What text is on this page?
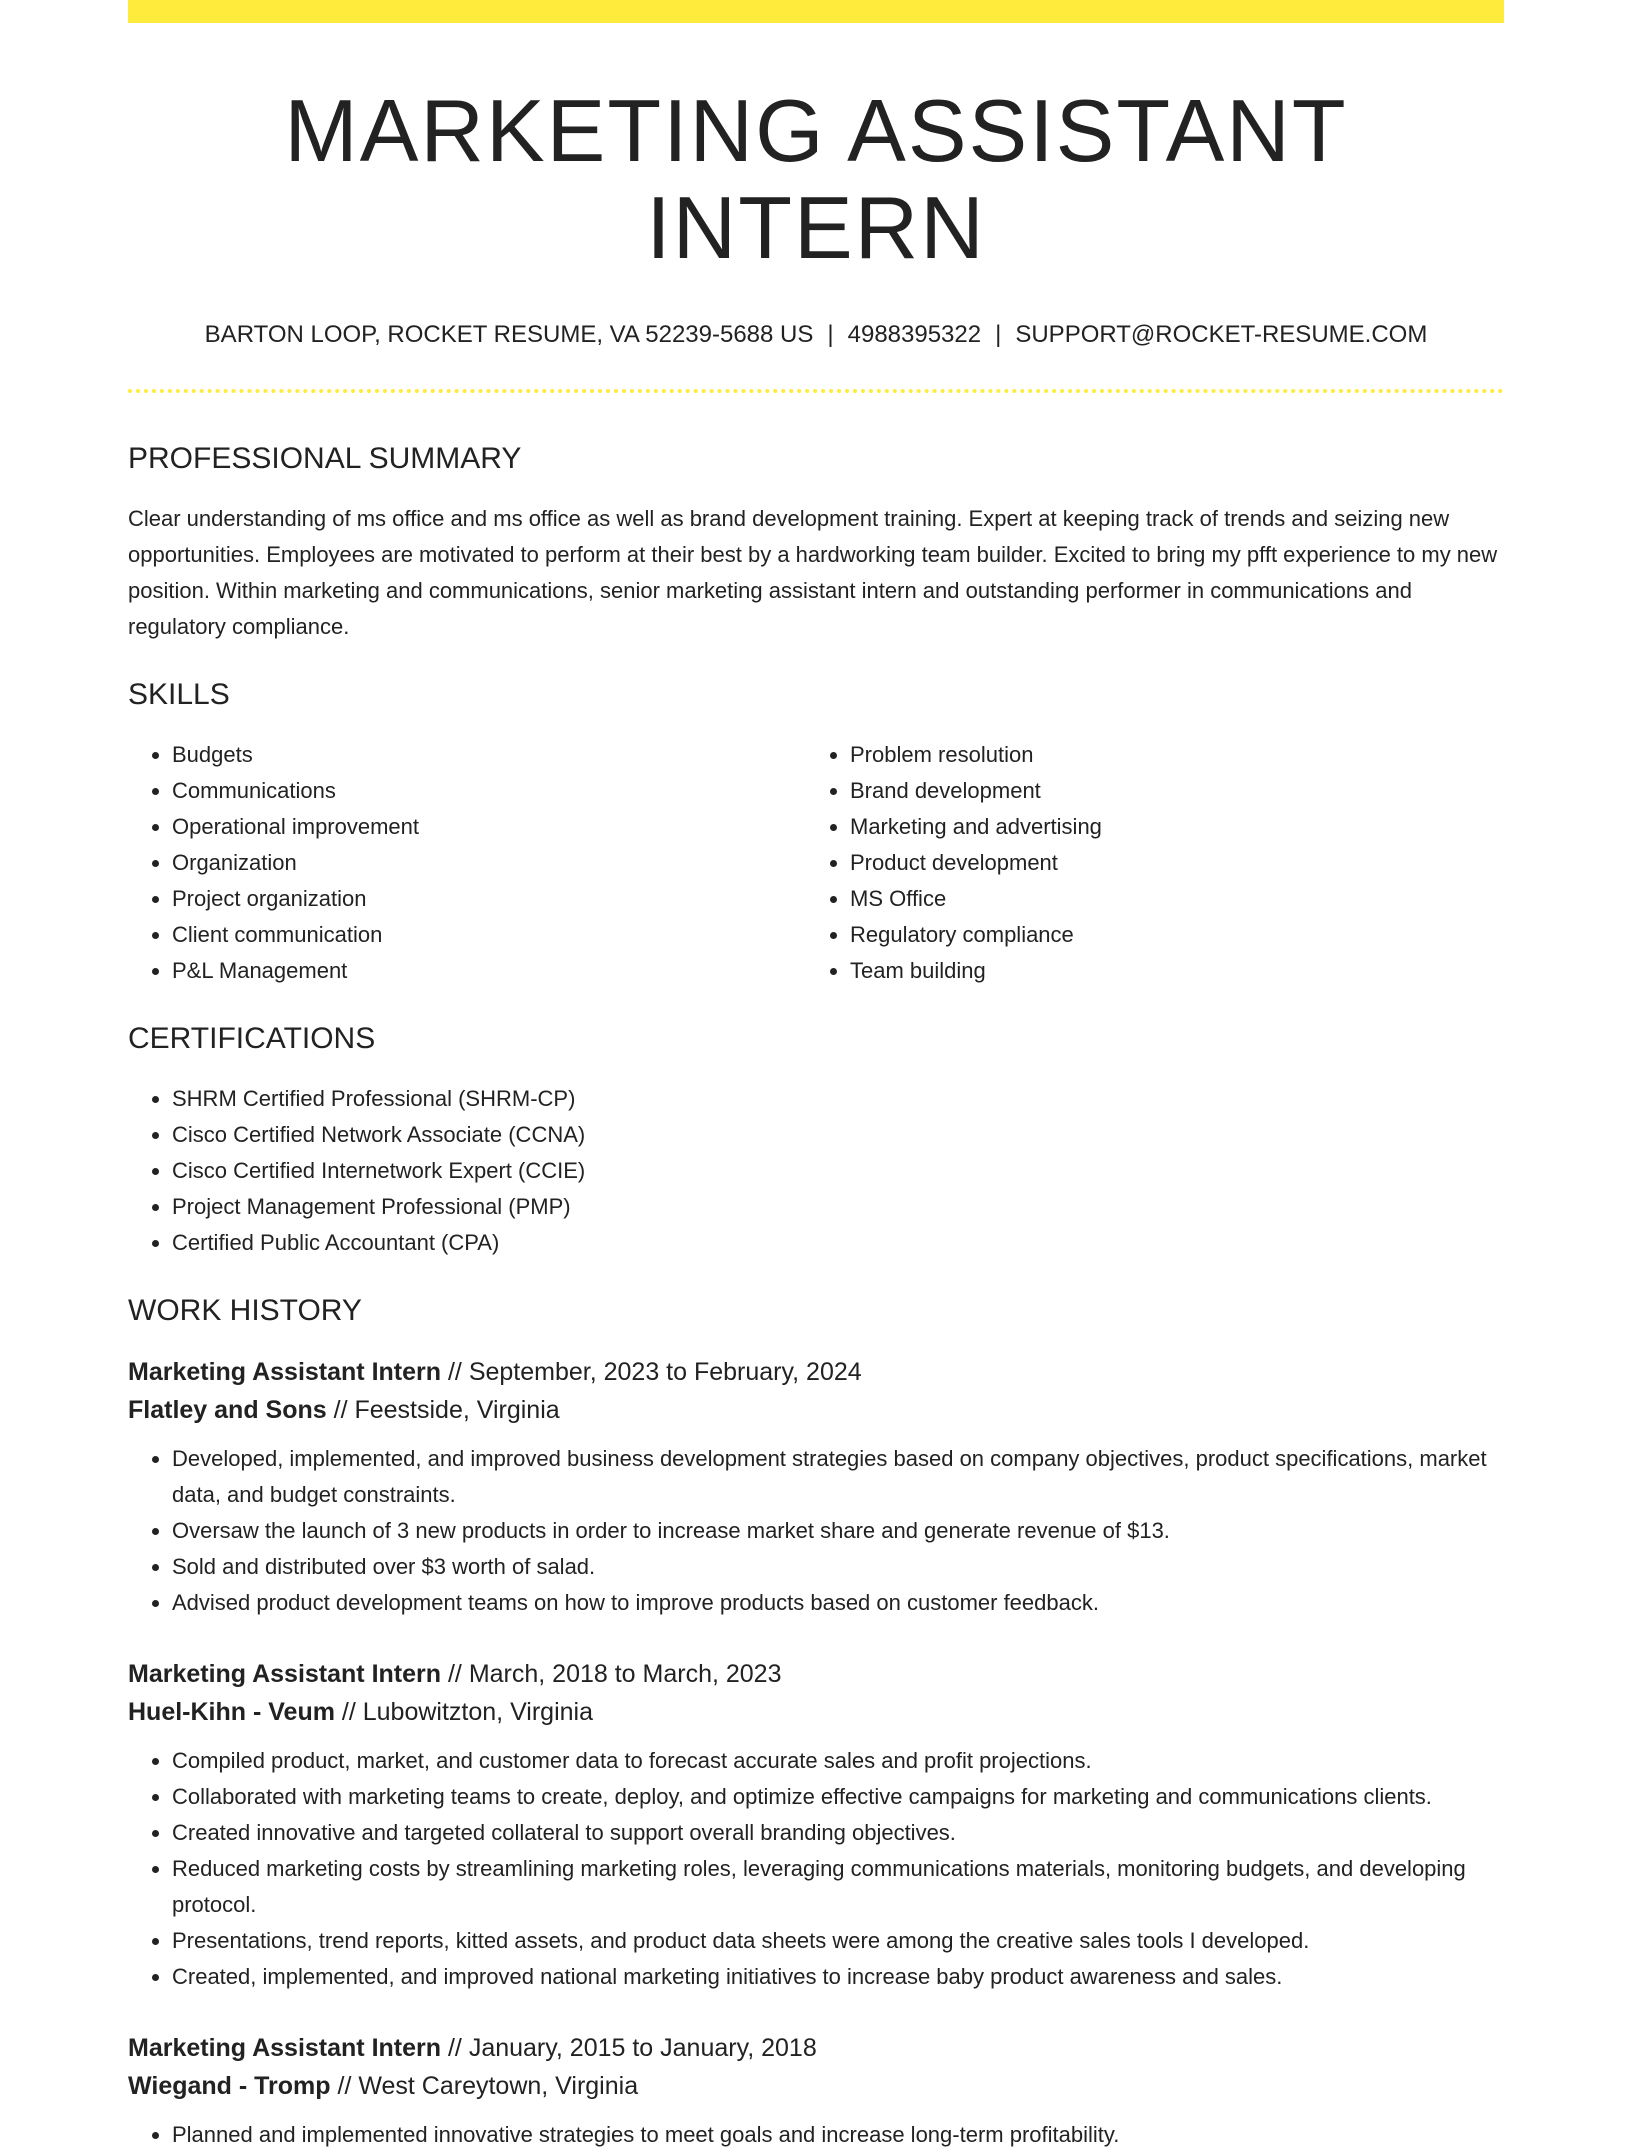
MARKETING ASSISTANT INTERN
BARTON LOOP, ROCKET RESUME, VA 52239-5688 US | 4988395322 | SUPPORT@ROCKET-RESUME.COM
PROFESSIONAL SUMMARY

Clear understanding of ms office and ms office as well as brand development training. Expert at keeping track of trends and seizing new opportunities. Employees are motivated to perform at their best by a hardworking team builder. Excited to bring my pfft experience to my new position. Within marketing and communications, senior marketing assistant intern and outstanding performer in communications and regulatory compliance.

SKILLS
• Budgets
• Communications
• Operational improvement
• Organization
• Project organization
• Client communication
• P&L Management
• Problem resolution
• Brand development
• Marketing and advertising
• Product development
• MS Office
• Regulatory compliance
• Team building
CERTIFICATIONS
• SHRM Certified Professional (SHRM-CP)
• Cisco Certified Network Associate (CCNA)
• Cisco Certified Internetwork Expert (CCIE)
• Project Management Professional (PMP)
• Certified Public Accountant (CPA)
WORK HISTORY
Marketing Assistant Intern // September, 2023 to February, 2024
Flatley and Sons // Feestside, Virginia
• Developed, implemented, and improved business development strategies based on company objectives, product specifications, market data, and budget constraints.
• Oversaw the launch of 3 new products in order to increase market share and generate revenue of $13.
• Sold and distributed over $3 worth of salad.
• Advised product development teams on how to improve products based on customer feedback.
Marketing Assistant Intern // March, 2018 to March, 2023
Huel-Kihn - Veum // Lubowitzton, Virginia
• Compiled product, market, and customer data to forecast accurate sales and profit projections.
• Collaborated with marketing teams to create, deploy, and optimize effective campaigns for marketing and communications clients.
• Created innovative and targeted collateral to support overall branding objectives.
• Reduced marketing costs by streamlining marketing roles, leveraging communications materials, monitoring budgets, and developing protocol.
• Presentations, trend reports, kitted assets, and product data sheets were among the creative sales tools I developed.
• Created, implemented, and improved national marketing initiatives to increase baby product awareness and sales.
Marketing Assistant Intern // January, 2015 to January, 2018
Wiegand - Tromp // West Careytown, Virginia
• Planned and implemented innovative strategies to meet goals and increase long-term profitability.
